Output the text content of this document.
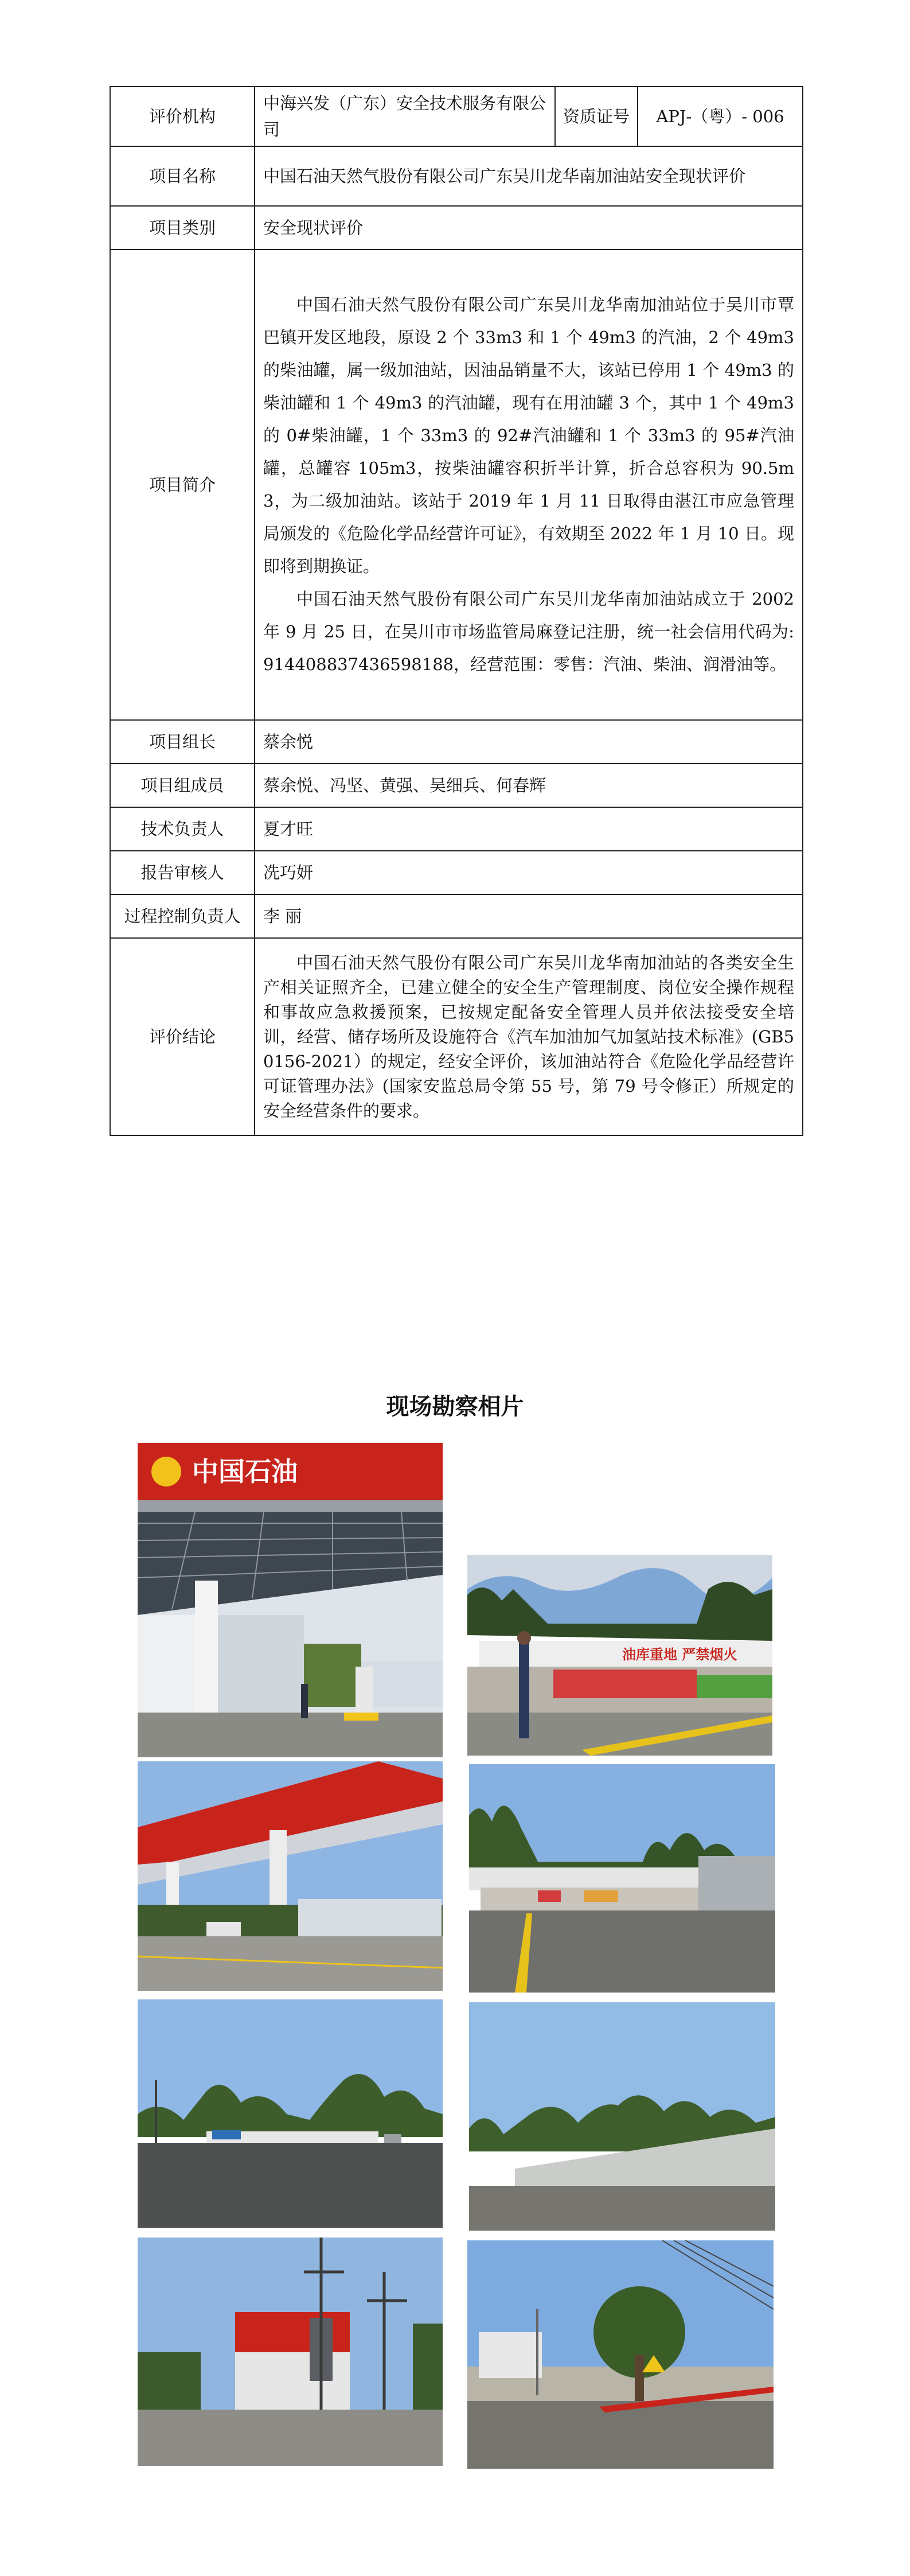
评价机构	中海兴发（广东）安全技术服务有限公司	资质证号	APJ-（粤）- 006
项目名称	中国石油天然气股份有限公司广东吴川龙华南加油站安全现状评价		
项目类别	安全现状评价		
项目简介	中国石油天然气股份有限公司广东吴川龙华南加油站位于吴川市覃巴镇开发区地段，原设 2 个 33m3 和 1 个 49m3 的汽油，2 个 49m3 的柴油罐，属一级加油站，因油品销量不大，该站已停用 1 个 49m3 的柴油罐和 1 个 49m3 的汽油罐，现有在用油罐 3 个，其中 1 个 49m3 的 0#柴油罐，1 个 33m3 的 92#汽油罐和 1 个 33m3 的 95#汽油罐，总罐容 105m3，按柴油罐容积折半计算，折合总容积为 90.5m3，为二级加油站。该站于 2019 年 1 月 11 日取得由湛江市应急管理局颁发的《危险化学品经营许可证》，有效期至 2022 年 1 月 10 日。现即将到期换证。

中国石油天然气股份有限公司广东吴川龙华南加油站成立于 2002 年 9 月 25 日，在吴川市市场监管局麻登记注册，统一社会信用代码为:914408837436598188，经营范围：零售：汽油、柴油、润滑油等。		

项目组长	蔡余悦		
项目组成员	蔡余悦、冯坚、黄强、吴细兵、何春辉		
技术负责人	夏才旺		
报告审核人	冼巧妍		
过程控制负责人	李 丽		
评价结论	中国石油天然气股份有限公司广东吴川龙华南加油站的各类安全生产相关证照齐全，已建立健全的安全生产管理制度、岗位安全操作规程和事故应急救援预案，已按规定配备安全管理人员并依法接受安全培训，经营、储存场所及设施符合《汽车加油加气加氢站技术标准》(GB50156-2021）的规定，经安全评价，该加油站符合《危险化学品经营许可证管理办法》(国家安监总局令第 55 号，第 79 号令修正）所规定的安全经营条件的要求。		

现场勘察相片
中国石油
油库重地 严禁烟火
